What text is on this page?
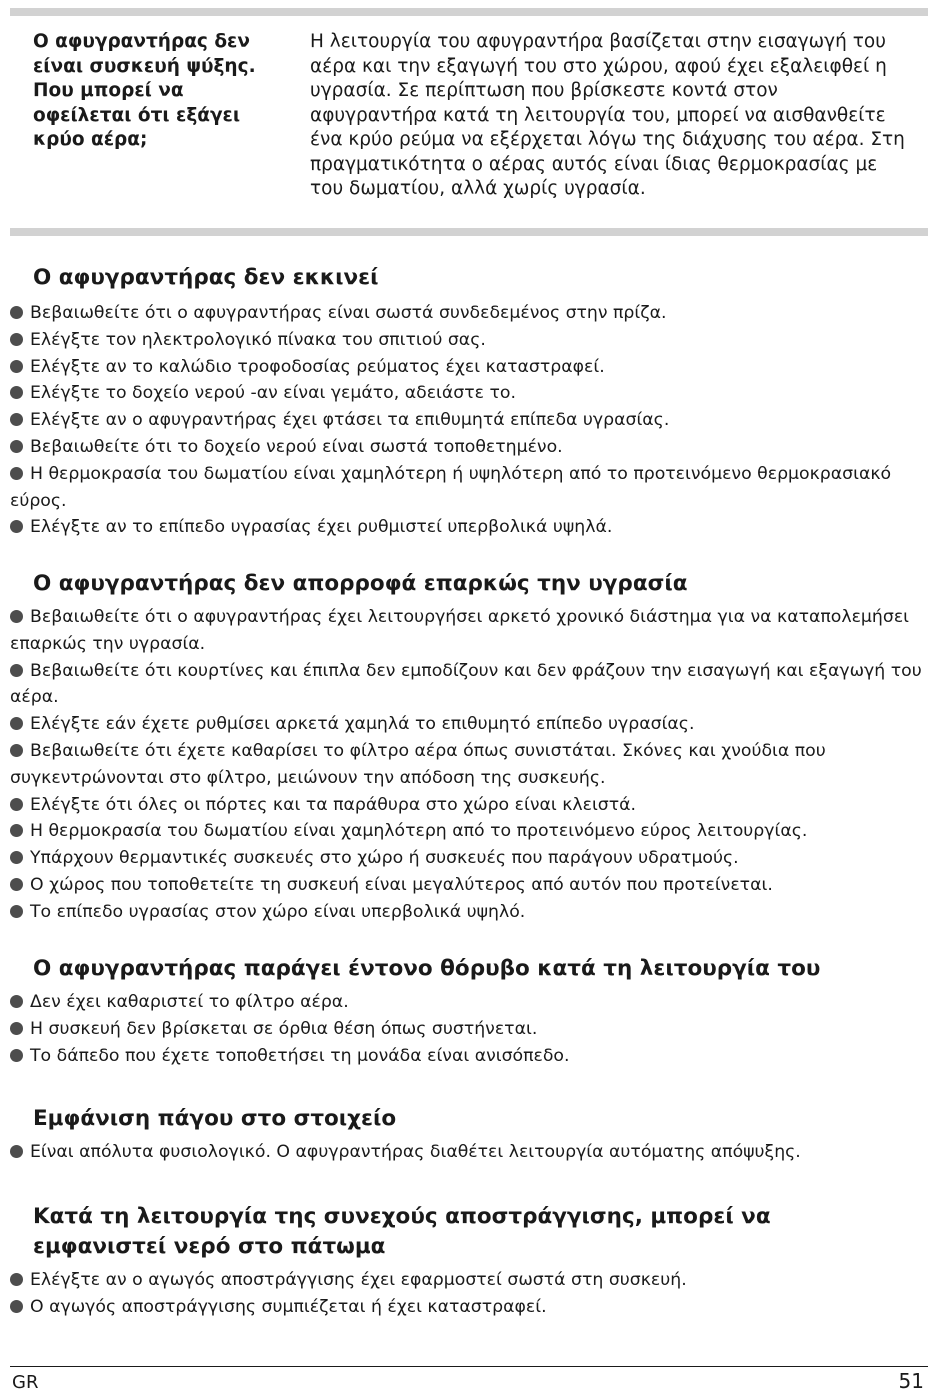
Ο αφυγραντήρας δεν είναι συσκευή ψύξης. Που μπορεί να οφείλεται ότι εξάγει κρύο αέρα;
Η λειτουργία του αφυγραντήρα βασίζεται στην εισαγωγή του αέρα και την εξαγωγή του στο χώρου, αφού έχει εξαλειφθεί η υγρασία. Σε περίπτωση που βρίσκεστε κοντά στον αφυγραντήρα κατά τη λειτουργία του, μπορεί να αισθανθείτε ένα κρύο ρεύμα να εξέρχεται λόγω της διάχυσης του αέρα. Στη πραγματικότητα ο αέρας αυτός είναι ίδιας θερμοκρασίας με του δωματίου, αλλά χωρίς υγρασία.
Ο αφυγραντήρας δεν εκκινεί
Βεβαιωθείτε ότι ο αφυγραντήρας είναι σωστά συνδεδεμένος στην πρίζα.
Ελέγξτε τον ηλεκτρολογικό πίνακα του σπιτιού σας.
Ελέγξτε αν το καλώδιο τροφοδοσίας ρεύματος έχει καταστραφεί.
Ελέγξτε το δοχείο νερού -αν είναι γεμάτο, αδειάστε το.
Ελέγξτε αν ο αφυγραντήρας έχει φτάσει τα επιθυμητά επίπεδα υγρασίας.
Βεβαιωθείτε ότι το δοχείο νερού είναι σωστά τοποθετημένο.
Η θερμοκρασία του δωματίου είναι χαμηλότερη ή υψηλότερη από το προτεινόμενο θερμοκρασιακό εύρος.
Ελέγξτε αν το επίπεδο υγρασίας έχει ρυθμιστεί υπερβολικά υψηλά.
Ο αφυγραντήρας δεν απορροφά επαρκώς την υγρασία
Βεβαιωθείτε ότι ο αφυγραντήρας έχει λειτουργήσει αρκετό χρονικό διάστημα για να καταπολεμήσει επαρκώς την υγρασία.
Βεβαιωθείτε ότι κουρτίνες και έπιπλα δεν εμποδίζουν και δεν φράζουν την εισαγωγή και εξαγωγή του αέρα.
Ελέγξτε εάν έχετε ρυθμίσει αρκετά χαμηλά το επιθυμητό επίπεδο υγρασίας.
Βεβαιωθείτε ότι έχετε καθαρίσει το φίλτρο αέρα όπως συνιστάται. Σκόνες και χνούδια που συγκεντρώνονται στο φίλτρο, μειώνουν την απόδοση της συσκευής.
Ελέγξτε ότι όλες οι πόρτες και τα παράθυρα στο χώρο είναι κλειστά.
Η θερμοκρασία του δωματίου είναι χαμηλότερη από το προτεινόμενο εύρος λειτουργίας.
Υπάρχουν θερμαντικές συσκευές στο χώρο ή συσκευές που παράγουν υδρατμούς.
Ο χώρος που τοποθετείτε τη συσκευή είναι μεγαλύτερος από αυτόν που προτείνεται.
Το επίπεδο υγρασίας στον χώρο είναι υπερβολικά υψηλό.
Ο αφυγραντήρας παράγει έντονο θόρυβο κατά τη λειτουργία του
Δεν έχει καθαριστεί το φίλτρο αέρα.
Η συσκευή δεν βρίσκεται σε όρθια θέση όπως συστήνεται.
Το δάπεδο που έχετε τοποθετήσει τη μονάδα είναι ανισόπεδο.
Εμφάνιση πάγου στο στοιχείο
Είναι απόλυτα φυσιολογικό. Ο αφυγραντήρας διαθέτει λειτουργία αυτόματης απόψυξης.
Κατά τη λειτουργία της συνεχούς αποστράγγισης, μπορεί να εμφανιστεί νερό στο πάτωμα
Ελέγξτε αν ο αγωγός αποστράγγισης έχει εφαρμοστεί σωστά στη συσκευή.
Ο αγωγός αποστράγγισης συμπιέζεται ή έχει καταστραφεί.
GR	51
